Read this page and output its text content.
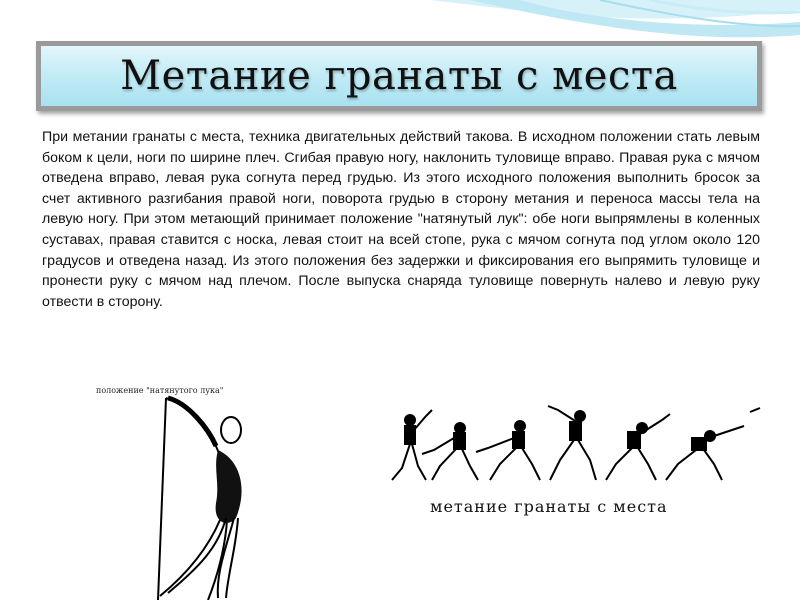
Метание гранаты с места

При метании гранаты с места, техника двигательных действий такова. В исходном положении стать левым боком к цели, ноги по ширине плеч. Сгибая правую ногу, наклонить туловище вправо. Правая рука с мячом отведена вправо, левая рука согнута перед грудью. Из этого исходного положения выполнить бросок за счет активного разгибания правой ноги, поворота грудью в сторону метания и переноса массы тела на левую ногу. При этом метающий принимает положение "натянутый лук": обе ноги выпрямлены в коленных суставах, правая ставится с носка, левая стоит на всей стопе, рука с мячом согнута под углом около 120 градусов и отведена назад. Из этого положения без задержки и фиксирования его выпрямить туловище и пронести руку с мячом над плечом. После выпуска снаряда туловище повернуть налево и левую руку отвести в сторону.

положение "натянутого лука"
метание гранаты с места
